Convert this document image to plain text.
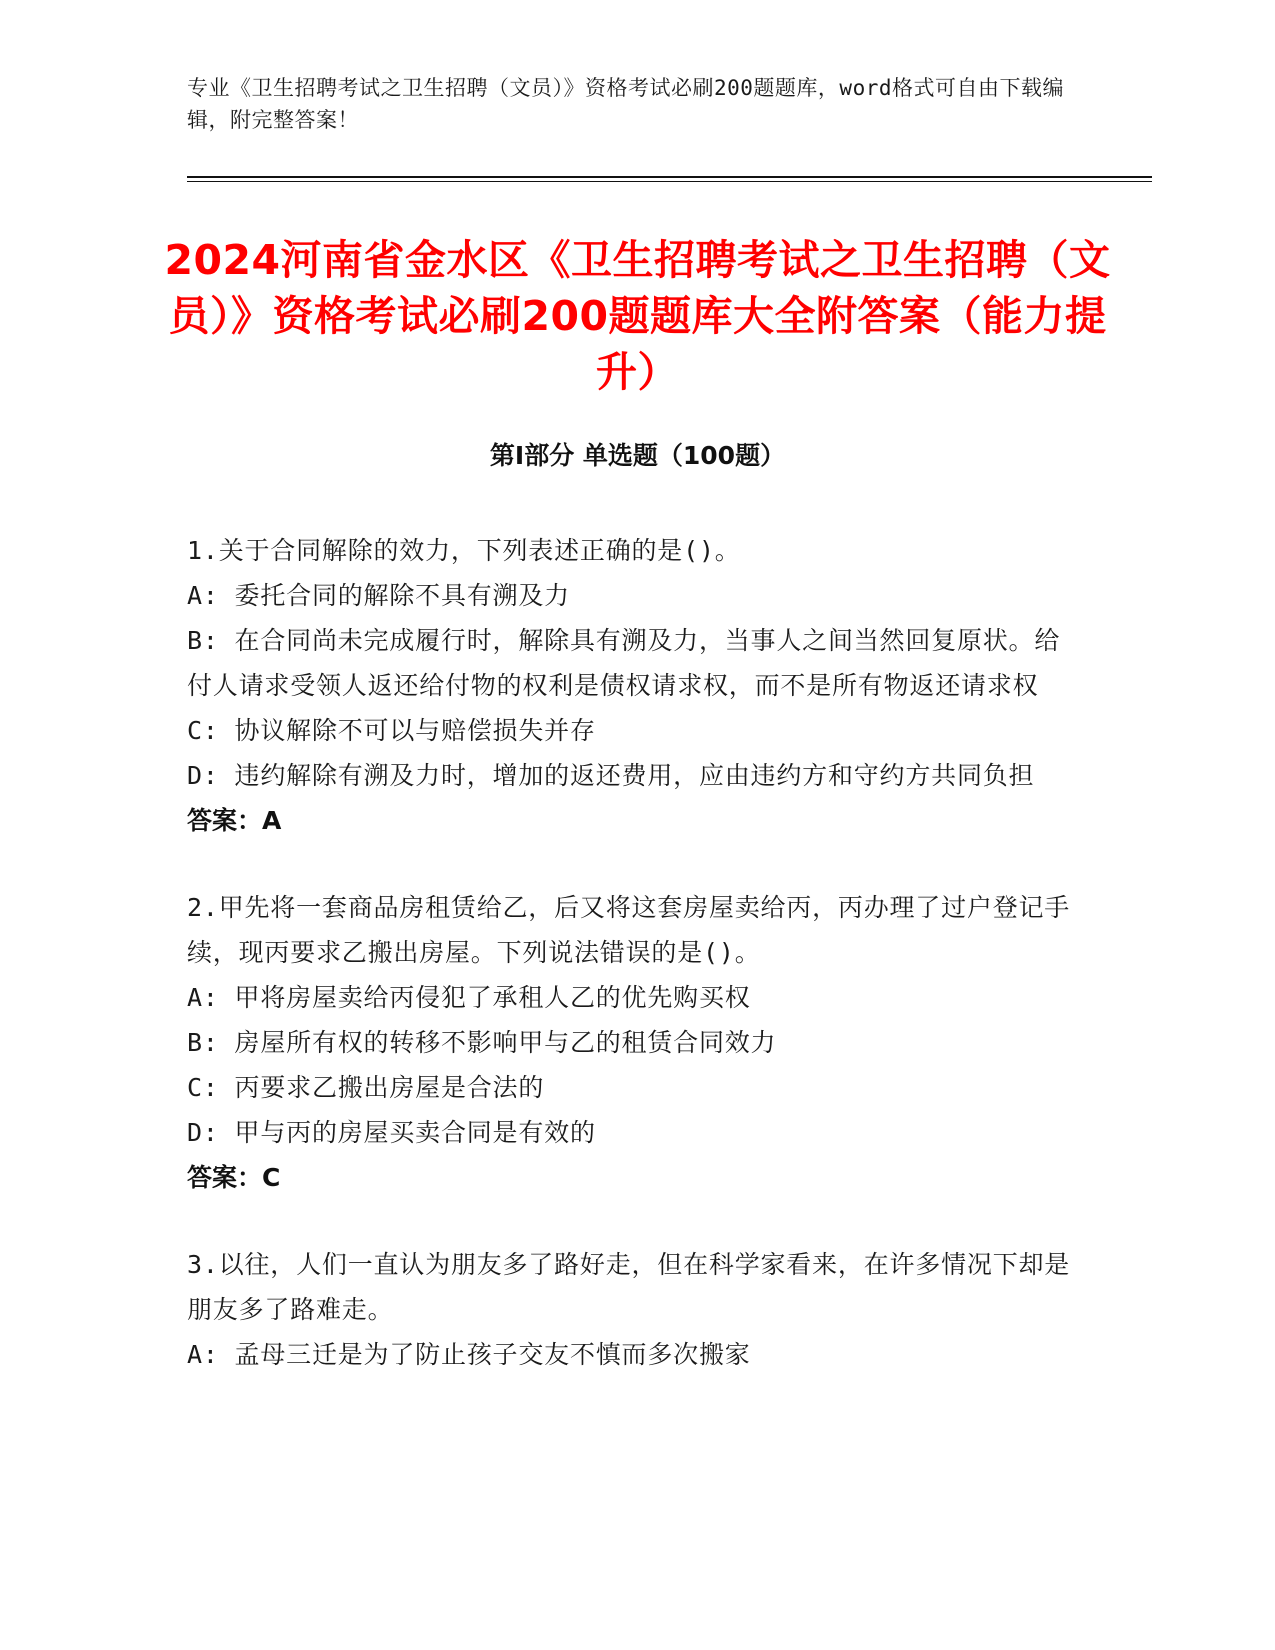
专业《卫生招聘考试之卫生招聘（文员）》资格考试必刷200题题库，word格式可自由下载编辑，附完整答案！
2024河南省金水区《卫生招聘考试之卫生招聘（文员）》资格考试必刷200题题库大全附答案（能力提升）
第Ⅰ部分 单选题（100题）

1.关于合同解除的效力，下列表述正确的是()。

A: 委托合同的解除不具有溯及力

B: 在合同尚未完成履行时，解除具有溯及力，当事人之间当然回复原状。给付人请求受领人返还给付物的权利是债权请求权，而不是所有物返还请求权

C: 协议解除不可以与赔偿损失并存

D: 违约解除有溯及力时，增加的返还费用，应由违约方和守约方共同负担

答案：A

2.甲先将一套商品房租赁给乙，后又将这套房屋卖给丙，丙办理了过户登记手续，现丙要求乙搬出房屋。下列说法错误的是()。

A: 甲将房屋卖给丙侵犯了承租人乙的优先购买权

B: 房屋所有权的转移不影响甲与乙的租赁合同效力

C: 丙要求乙搬出房屋是合法的

D: 甲与丙的房屋买卖合同是有效的

答案：C

3.以往，人们一直认为朋友多了路好走，但在科学家看来，在许多情况下却是朋友多了路难走。

A: 孟母三迁是为了防止孩子交友不慎而多次搬家
